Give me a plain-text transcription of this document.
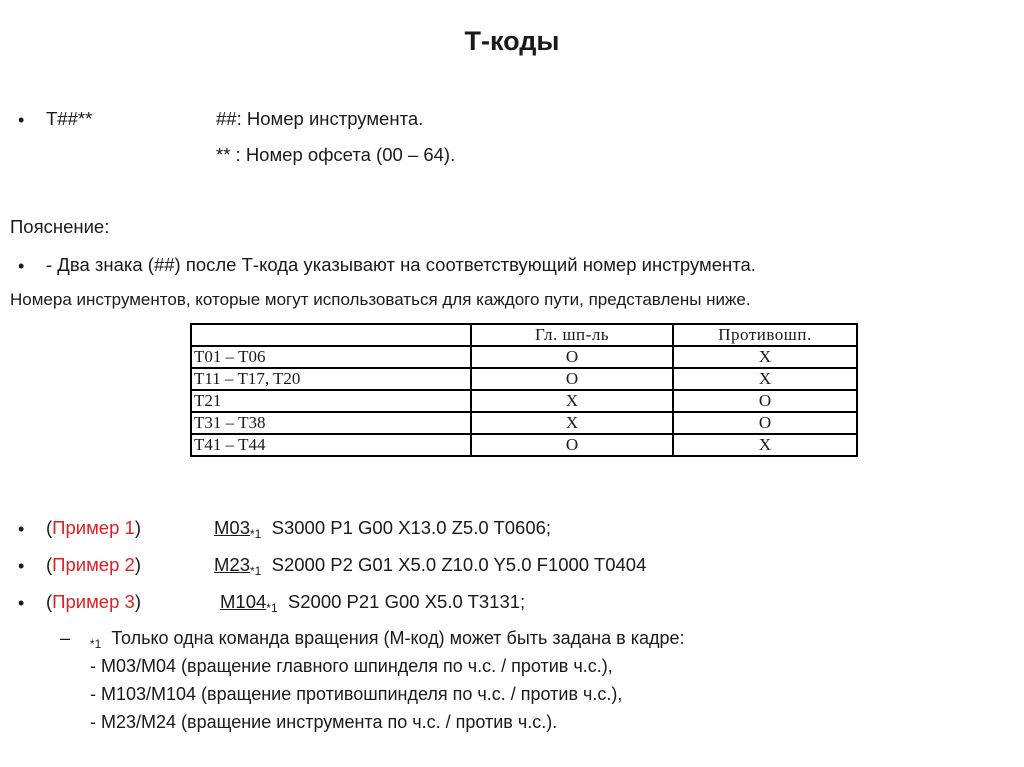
Т-коды
• T##**	##: Номер инструмента.
** : Номер офсета (00 – 64).
Пояснение:
• - Два знака (##) после Т-кода указывают на соответствующий номер инструмента.
Номера инструментов, которые могут использоваться для каждого пути, представлены ниже.
	Гл. шп-ль	Противошп.
T01 – T06	O	X
T11 – T17, T20	O	X
T21	X	O
T31 – T38	X	O
T41 – T44	O	X
• (Пример 1)	$M03_{*1}$ S3000 P1 G00 X13.0 Z5.0 T0606;
• (Пример 2)	$M23_{*1}$ S2000 P2 G01 X5.0 Z10.0 Y5.0 F1000 T0404
• (Пример 3)	$M104_{*1}$ S2000 P21 G00 X5.0 T3131;
– $_{*1}$ Только одна команда вращения (M-код) может быть задана в кадре:
- M03/M04 (вращение главного шпинделя по ч.с. / против ч.с.),
- M103/M104 (вращение противошпинделя по ч.с. / против ч.с.),
- M23/M24 (вращение инструмента по ч.с. / против ч.с.).
